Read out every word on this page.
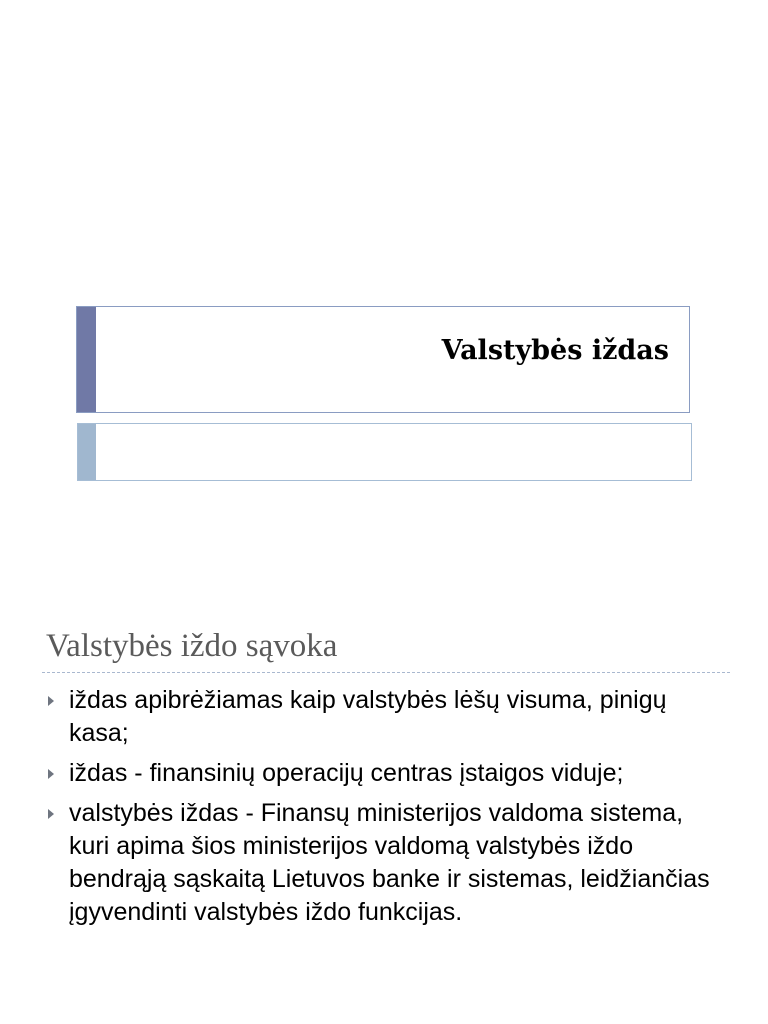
Valstybės iždas
Valstybės iždo sąvoka
iždas apibrėžiamas kaip valstybės lėšų visuma, pinigų kasa;
iždas - finansinių operacijų centras įstaigos viduje;
valstybės iždas - Finansų ministerijos valdoma sistema, kuri apima šios ministerijos valdomą valstybės iždo bendrąją sąskaitą Lietuvos banke ir sistemas, leidžiančias įgyvendinti valstybės iždo funkcijas.
